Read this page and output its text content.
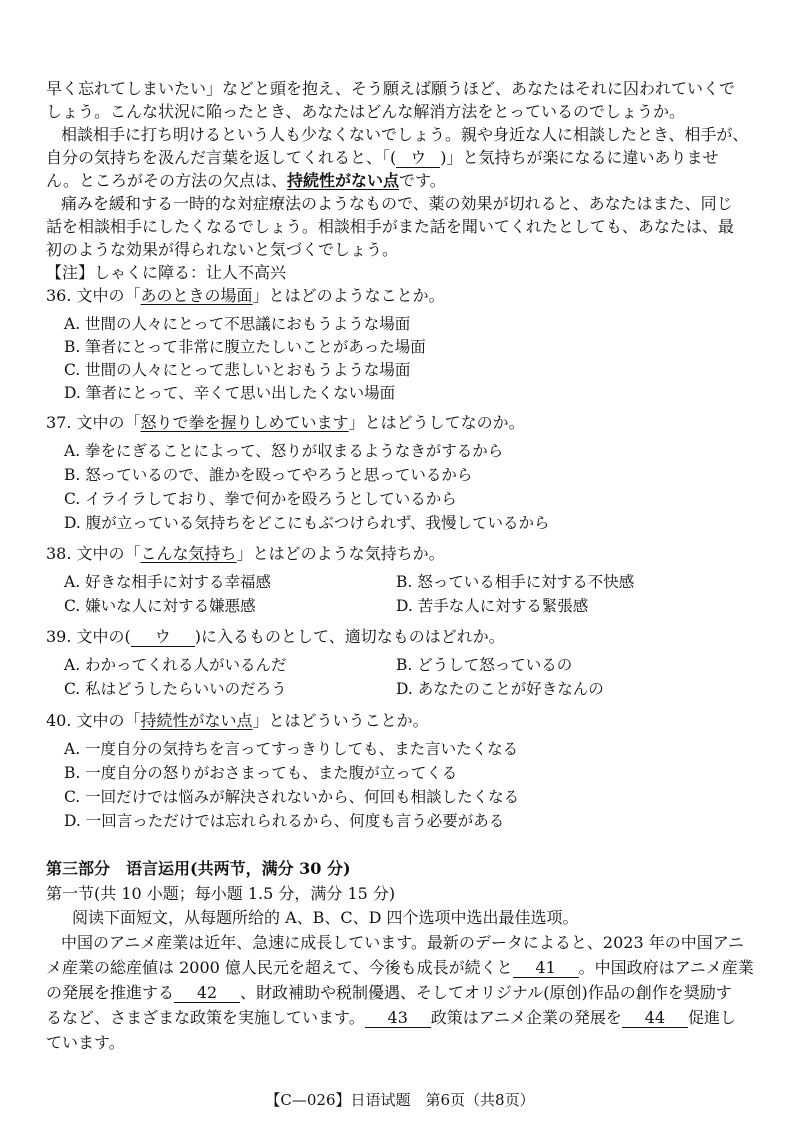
早く忘れてしまいたい」などと頭を抱え、そう願えば願うほど、あなたはそれに囚われていくで
しょう。こんな状況に陥ったとき、あなたはどんな解消方法をとっているのでしょうか。
相談相手に打ち明けるという人も少なくないでしょう。親や身近な人に相談したとき、相手が、
自分の気持ちを汲んだ言葉を返してくれると、「( ウ )」と気持ちが楽になるに違いありませ
ん。ところがその方法の欠点は、持続性がない点です。
痛みを緩和する一時的な対症療法のようなもので、薬の効果が切れると、あなたはまた、同じ
話を相談相手にしたくなるでしょう。相談相手がまた話を聞いてくれたとしても、あなたは、最
初のような効果が得られないと気づくでしょう。
【注】しゃくに障る：让人不高兴
36. 文中の「あのときの場面」とはどのようなことか。
A. 世間の人々にとって不思議におもうような場面
B. 筆者にとって非常に腹立たしいことがあった場面
C. 世間の人々にとって悲しいとおもうような場面
D. 筆者にとって、辛くて思い出したくない場面
37. 文中の「怒りで拳を握りしめています」とはどうしてなのか。
A. 拳をにぎることによって、怒りが収まるようなきがするから
B. 怒っているので、誰かを殴ってやろうと思っているから
C. イライラしており、拳で何かを殴ろうとしているから
D. 腹が立っている気持ちをどこにもぶつけられず、我慢しているから
38. 文中の「こんな気持ち」とはどのような気持ちか。
A. 好きな相手に対する幸福感	B. 怒っている相手に対する不快感
C. 嫌いな人に対する嫌悪感	D. 苦手な人に対する緊張感
39. 文中の( ウ )に入るものとして、適切なものはどれか。
A. わかってくれる人がいるんだ	B. どうして怒っているの
C. 私はどうしたらいいのだろう	D. あなたのことが好きなんの
40. 文中の「持続性がない点」とはどういうことか。
A. 一度自分の気持ちを言ってすっきりしても、また言いたくなる
B. 一度自分の怒りがおさまっても、また腹が立ってくる
C. 一回だけでは悩みが解決されないから、何回も相談したくなる
D. 一回言っただけでは忘れられるから、何度も言う必要がある
第三部分　语言运用(共两节，满分 30 分)
第一节(共 10 小题；每小题 1.5 分，满分 15 分)
阅读下面短文，从每题所给的 A、B、C、D 四个选项中选出最佳选项。
中国のアニメ産業は近年、急速に成長しています。最新のデータによると、2023 年の中国アニ
メ産業の総産値は 2000 億人民元を超えて、今後も成長が続くと 41 。中国政府はアニメ産業
の発展を推進する 42 、財政補助や税制優遇、そしてオリジナル(原创)作品の創作を奨励す
るなど、さまざまな政策を実施しています。 43 政策はアニメ企業の発展を 44 促進し
ています。
【C—026】日语试题　第6页（共8页）
